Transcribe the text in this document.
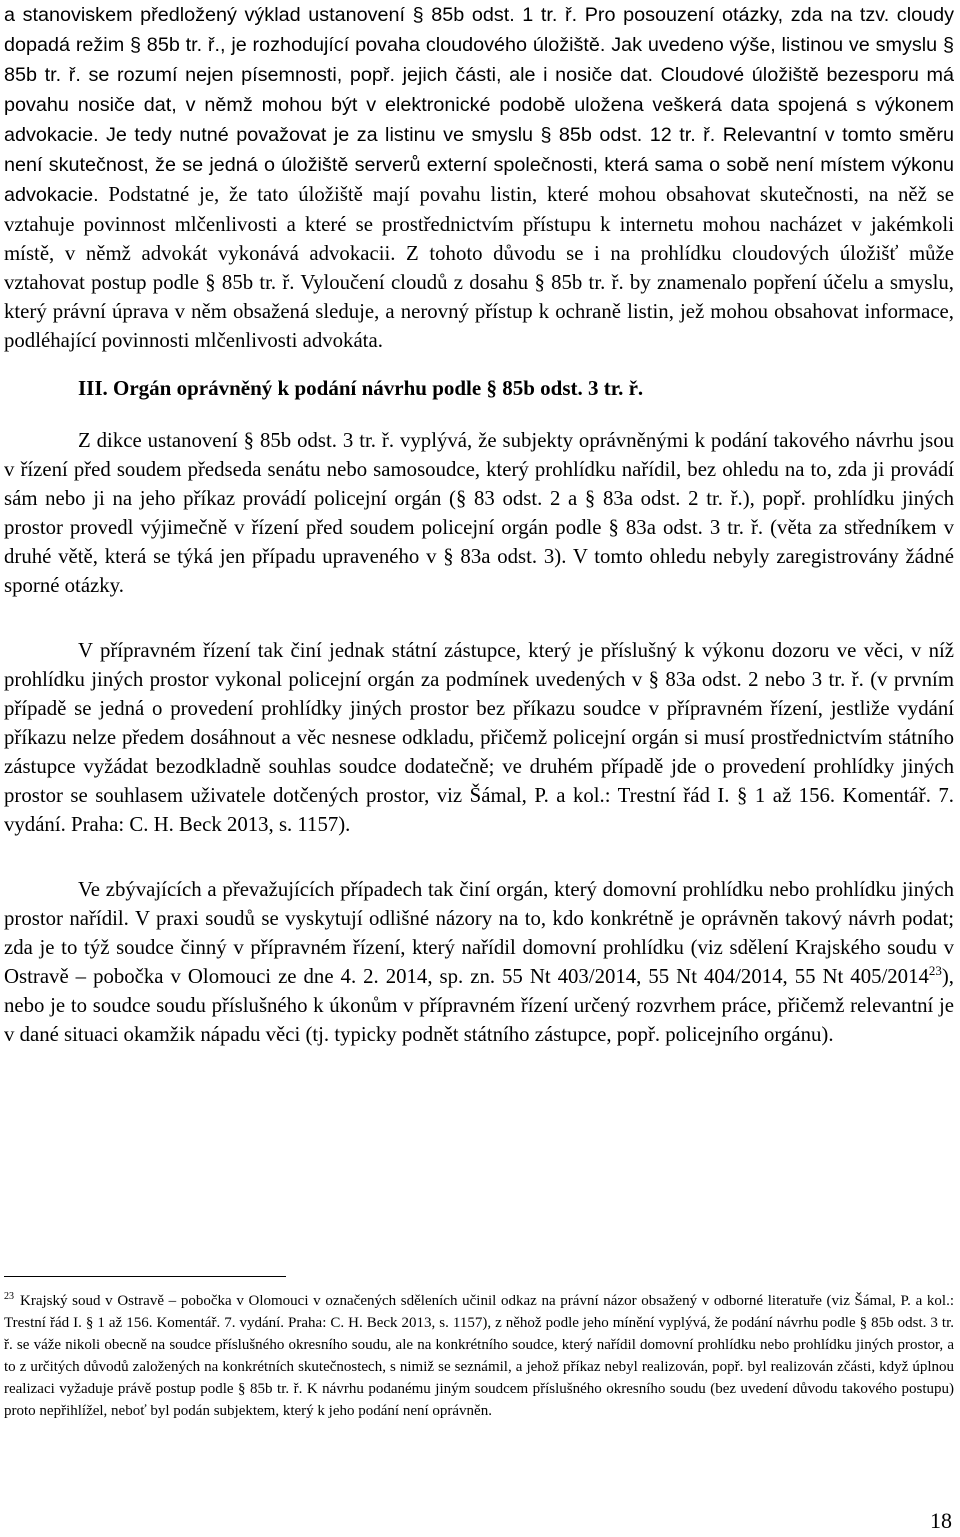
a stanoviskem předložený výklad ustanovení § 85b odst. 1 tr. ř. Pro posouzení otázky, zda na tzv. cloudy dopadá režim § 85b tr. ř., je rozhodující povaha cloudového úložiště. Jak uvedeno výše, listinou ve smyslu § 85b tr. ř. se rozumí nejen písemnosti, popř. jejich části, ale i nosiče dat. Cloudové úložiště bezesporu má povahu nosiče dat, v němž mohou být v elektronické podobě uložena veškerá data spojená s výkonem advokacie. Je tedy nutné považovat je za listinu ve smyslu § 85b odst. 12 tr. ř. Relevantní v tomto směru není skutečnost, že se jedná o úložiště serverů externí společnosti, která sama o sobě není místem výkonu advokacie. Podstatné je, že tato úložiště mají povahu listin, které mohou obsahovat skutečnosti, na něž se vztahuje povinnost mlčenlivosti a které se prostřednictvím přístupu k internetu mohou nacházet v jakémkoli místě, v němž advokát vykonává advokacii. Z tohoto důvodu se i na prohlídku cloudových úložišť může vztahovat postup podle § 85b tr. ř. Vyloučení cloudů z dosahu § 85b tr. ř. by znamenalo popření účelu a smyslu, který právní úprava v něm obsažená sleduje, a nerovný přístup k ochraně listin, jež mohou obsahovat informace, podléhající povinnosti mlčenlivosti advokáta.

III. Orgán oprávněný k podání návrhu podle § 85b odst. 3 tr. ř.

Z dikce ustanovení § 85b odst. 3 tr. ř. vyplývá, že subjekty oprávněnými k podání takového návrhu jsou v řízení před soudem předseda senátu nebo samosoudce, který prohlídku nařídil, bez ohledu na to, zda ji provádí sám nebo ji na jeho příkaz provádí policejní orgán (§ 83 odst. 2 a § 83a odst. 2 tr. ř.), popř. prohlídku jiných prostor provedl výjimečně v řízení před soudem policejní orgán podle § 83a odst. 3 tr. ř. (věta za středníkem v druhé větě, která se týká jen případu upraveného v § 83a odst. 3). V tomto ohledu nebyly zaregistrovány žádné sporné otázky.

V přípravném řízení tak činí jednak státní zástupce, který je příslušný k výkonu dozoru ve věci, v níž prohlídku jiných prostor vykonal policejní orgán za podmínek uvedených v § 83a odst. 2 nebo 3 tr. ř. (v prvním případě se jedná o provedení prohlídky jiných prostor bez příkazu soudce v přípravném řízení, jestliže vydání příkazu nelze předem dosáhnout a věc nesnese odkladu, přičemž policejní orgán si musí prostřednictvím státního zástupce vyžádat bezodkladně souhlas soudce dodatečně; ve druhém případě jde o provedení prohlídky jiných prostor se souhlasem uživatele dotčených prostor, viz Šámal, P. a kol.: Trestní řád I. § 1 až 156. Komentář. 7. vydání. Praha: C. H. Beck 2013, s. 1157).

Ve zbývajících a převažujících případech tak činí orgán, který domovní prohlídku nebo prohlídku jiných prostor nařídil. V praxi soudů se vyskytují odlišné názory na to, kdo konkrétně je oprávněn takový návrh podat; zda je to týž soudce činný v přípravném řízení, který nařídil domovní prohlídku (viz sdělení Krajského soudu v Ostravě – pobočka v Olomouci ze dne 4. 2. 2014, sp. zn. 55 Nt 403/2014, 55 Nt 404/2014, 55 Nt 405/2014$^{23}$), nebo je to soudce soudu příslušného k úkonům v přípravném řízení určený rozvrhem práce, přičemž relevantní je v dané situaci okamžik nápadu věci (tj. typicky podnět státního zástupce, popř. policejního orgánu).

$^{23}$ Krajský soud v Ostravě – pobočka v Olomouci v označených sděleních učinil odkaz na právní názor obsažený v odborné literatuře (viz Šámal, P. a kol.: Trestní řád I. § 1 až 156. Komentář. 7. vydání. Praha: C. H. Beck 2013, s. 1157), z něhož podle jeho mínění vyplývá, že podání návrhu podle § 85b odst. 3 tr. ř. se váže nikoli obecně na soudce příslušného okresního soudu, ale na konkrétního soudce, který nařídil domovní prohlídku nebo prohlídku jiných prostor, a to z určitých důvodů založených na konkrétních skutečnostech, s nimiž se seznámil, a jehož příkaz nebyl realizován, popř. byl realizován zčásti, když úplnou realizaci vyžaduje právě postup podle § 85b tr. ř. K návrhu podanému jiným soudcem příslušného okresního soudu (bez uvedení důvodu takového postupu) proto nepřihlížel, neboť byl podán subjektem, který k jeho podání není oprávněn.

18
